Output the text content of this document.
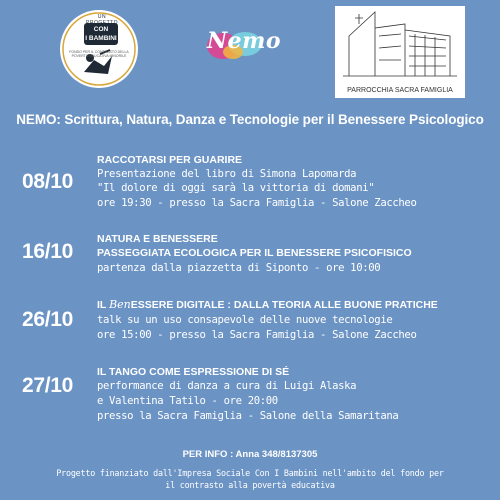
UN
CON
I BAMBINI
FONDO PER IL CONTRASTO DELLA POVERTÀ EDUCATIVA MINORILE
Nemo
PARROCCHIA SACRA FAMIGLIA
NEMO: Scrittura, Natura, Danza e Tecnologie per il Benessere Psicologico
08/10
RACCOTARSI PER GUARIRE
Presentazione del libro di Simona Lapomarda
"Il dolore di oggi sarà la vittoria di domani"
ore 19:30 - presso la Sacra Famiglia - Salone Zaccheo
16/10
NATURA E BENESSERE
PASSEGGIATA ECOLOGICA PER IL BENESSERE PSICOFISICO
partenza dalla piazzetta di Siponto - ore 10:00
26/10
IL BenESSERE DIGITALE : DALLA TEORIA ALLE BUONE PRATICHE
talk su un uso consapevole delle nuove tecnologie
ore 15:00 - presso la Sacra Famiglia - Salone Zaccheo
27/10
IL TANGO COME ESPRESSIONE DI SÉ
performance di danza a cura di Luigi Alaska
e Valentina Tatilo - ore 20:00
presso la Sacra Famiglia - Salone della Samaritana
PER INFO : Anna 348/8137305
Progetto finanziato dall'Impresa Sociale Con I Bambini nell'ambito del fondo per
il contrasto alla povertà educativa
